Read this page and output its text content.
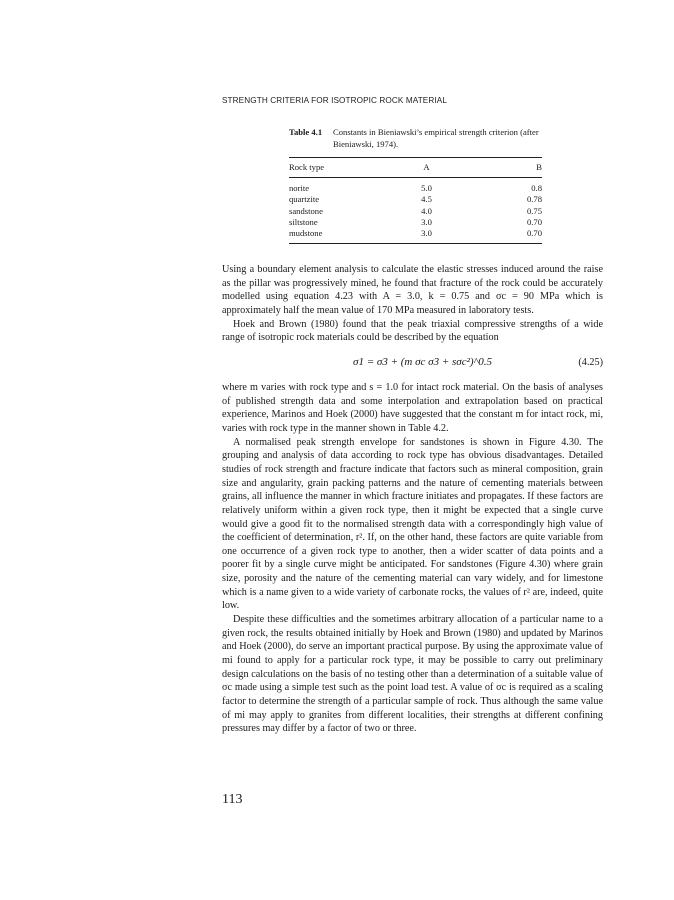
STRENGTH CRITERIA FOR ISOTROPIC ROCK MATERIAL
Table 4.1	Constants in Bieniawski’s empirical strength criterion (after Bieniawski, 1974).
Rock type	A	B
norite	5.0	0.8
quartzite	4.5	0.78
sandstone	4.0	0.75
siltstone	3.0	0.70
mudstone	3.0	0.70

Using a boundary element analysis to calculate the elastic stresses induced around the raise as the pillar was progressively mined, he found that fracture of the rock could be accurately modelled using equation 4.23 with A = 3.0, k = 0.75 and σc = 90 MPa which is approximately half the mean value of 170 MPa measured in laboratory tests.

Hoek and Brown (1980) found that the peak triaxial compressive strengths of a wide range of isotropic rock materials could be described by the equation

σ1 = σ3 + (m σc σ3 + sσc²)^0.5	(4.25)

where m varies with rock type and s = 1.0 for intact rock material. On the basis of analyses of published strength data and some interpolation and extrapolation based on practical experience, Marinos and Hoek (2000) have suggested that the constant m for intact rock, mi, varies with rock type in the manner shown in Table 4.2.

A normalised peak strength envelope for sandstones is shown in Figure 4.30. The grouping and analysis of data according to rock type has obvious disadvantages. Detailed studies of rock strength and fracture indicate that factors such as mineral composition, grain size and angularity, grain packing patterns and the nature of cementing materials between grains, all influence the manner in which fracture initiates and propagates. If these factors are relatively uniform within a given rock type, then it might be expected that a single curve would give a good fit to the normalised strength data with a correspondingly high value of the coefficient of determination, r². If, on the other hand, these factors are quite variable from one occurrence of a given rock type to another, then a wider scatter of data points and a poorer fit by a single curve might be anticipated. For sandstones (Figure 4.30) where grain size, porosity and the nature of the cementing material can vary widely, and for limestone which is a name given to a wide variety of carbonate rocks, the values of r² are, indeed, quite low.

Despite these difficulties and the sometimes arbitrary allocation of a particular name to a given rock, the results obtained initially by Hoek and Brown (1980) and updated by Marinos and Hoek (2000), do serve an important practical purpose. By using the approximate value of mi found to apply for a particular rock type, it may be possible to carry out preliminary design calculations on the basis of no testing other than a determination of a suitable value of σc made using a simple test such as the point load test. A value of σc is required as a scaling factor to determine the strength of a particular sample of rock. Thus although the same value of mi may apply to granites from different localities, their strengths at different confining pressures may differ by a factor of two or three.

113
